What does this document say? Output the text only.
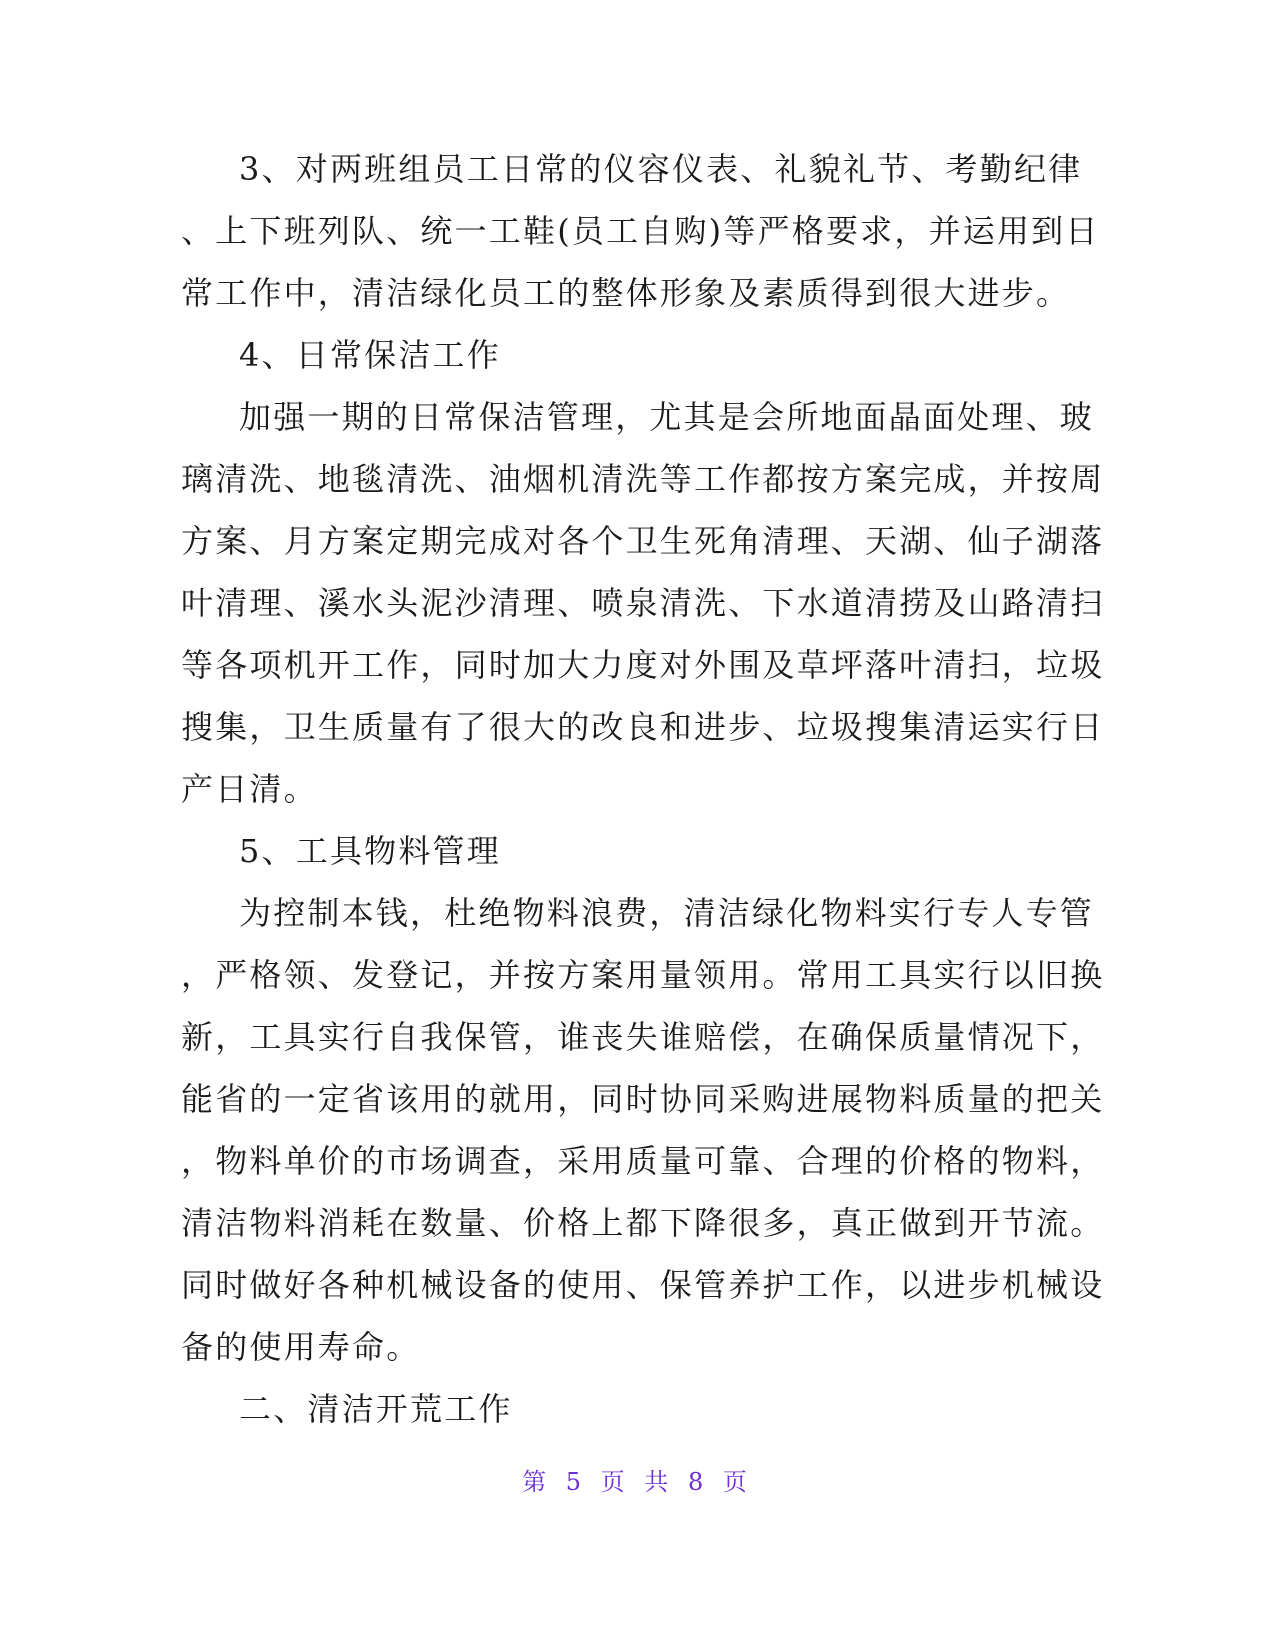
3、对两班组员工日常的仪容仪表、礼貌礼节、考勤纪律
、上下班列队、统一工鞋(员工自购)等严格要求，并运用到日
常工作中，清洁绿化员工的整体形象及素质得到很大进步。
4、日常保洁工作
加强一期的日常保洁管理，尤其是会所地面晶面处理、玻
璃清洗、地毯清洗、油烟机清洗等工作都按方案完成，并按周
方案、月方案定期完成对各个卫生死角清理、天湖、仙子湖落
叶清理、溪水头泥沙清理、喷泉清洗、下水道清捞及山路清扫
等各项机开工作，同时加大力度对外围及草坪落叶清扫，垃圾
搜集，卫生质量有了很大的改良和进步、垃圾搜集清运实行日
产日清。
5、工具物料管理
为控制本钱，杜绝物料浪费，清洁绿化物料实行专人专管
，严格领、发登记，并按方案用量领用。常用工具实行以旧换
新，工具实行自我保管，谁丧失谁赔偿，在确保质量情况下，
能省的一定省该用的就用，同时协同采购进展物料质量的把关
，物料单价的市场调查，采用质量可靠、合理的价格的物料，
清洁物料消耗在数量、价格上都下降很多，真正做到开节流。
同时做好各种机械设备的使用、保管养护工作，以进步机械设
备的使用寿命。
二、清洁开荒工作
第 5 页 共 8 页
